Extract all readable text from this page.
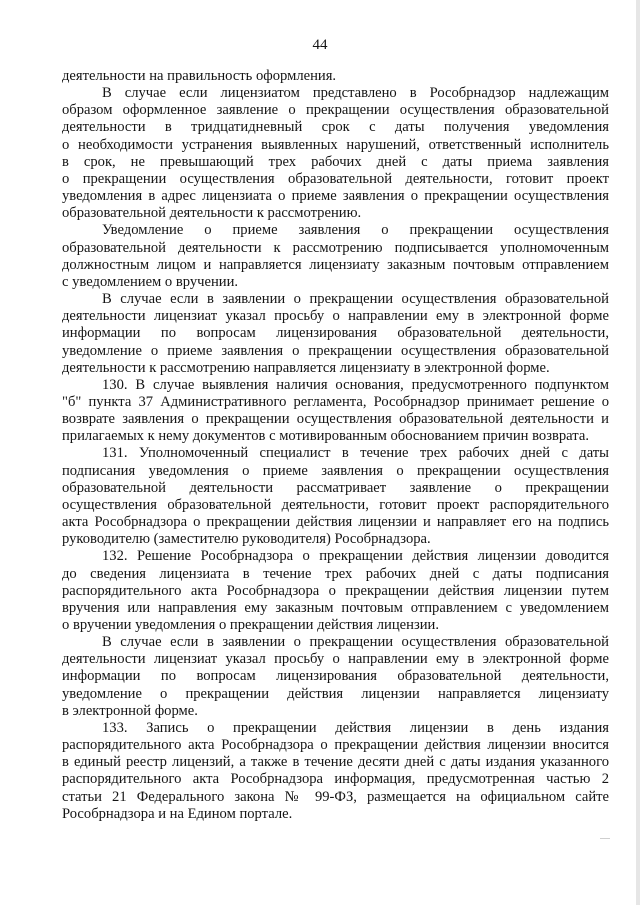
44
деятельности на правильность оформления.
В случае если лицензиатом представлено в Рособрнадзор надлежащим
образом оформленное заявление о прекращении осуществления образовательной
деятельности в тридцатидневный срок с даты получения уведомления
о необходимости устранения выявленных нарушений, ответственный исполнитель
в срок, не превышающий трех рабочих дней с даты приема заявления
о прекращении осуществления образовательной деятельности, готовит проект
уведомления в адрес лицензиата о приеме заявления о прекращении осуществления
образовательной деятельности к рассмотрению.
Уведомление о приеме заявления о прекращении осуществления
образовательной деятельности к рассмотрению подписывается уполномоченным
должностным лицом и направляется лицензиату заказным почтовым отправлением
с уведомлением о вручении.
В случае если в заявлении о прекращении осуществления образовательной
деятельности лицензиат указал просьбу о направлении ему в электронной форме
информации по вопросам лицензирования образовательной деятельности,
уведомление о приеме заявления о прекращении осуществления образовательной
деятельности к рассмотрению направляется лицензиату в электронной форме.
130. В случае выявления наличия основания, предусмотренного подпунктом
"б" пункта 37 Административного регламента, Рособрнадзор принимает решение о
возврате заявления о прекращении осуществления образовательной деятельности и
прилагаемых к нему документов с мотивированным обоснованием причин возврата.
131. Уполномоченный специалист в течение трех рабочих дней с даты
подписания уведомления о приеме заявления о прекращении осуществления
образовательной деятельности рассматривает заявление о прекращении
осуществления образовательной деятельности, готовит проект распорядительного
акта Рособрнадзора о прекращении действия лицензии и направляет его на подпись
руководителю (заместителю руководителя) Рособрнадзора.
132. Решение Рособрнадзора о прекращении действия лицензии доводится
до сведения лицензиата в течение трех рабочих дней с даты подписания
распорядительного акта Рособрнадзора о прекращении действия лицензии путем
вручения или направления ему заказным почтовым отправлением с уведомлением
о вручении уведомления о прекращении действия лицензии.
В случае если в заявлении о прекращении осуществления образовательной
деятельности лицензиат указал просьбу о направлении ему в электронной форме
информации по вопросам лицензирования образовательной деятельности,
уведомление о прекращении действия лицензии направляется лицензиату
в электронной форме.
133. Запись о прекращении действия лицензии в день издания
распорядительного акта Рособрнадзора о прекращении действия лицензии вносится
в единый реестр лицензий, а также в течение десяти дней с даты издания указанного
распорядительного акта Рособрнадзора информация, предусмотренная частью 2
статьи 21 Федерального закона № 99-ФЗ, размещается на официальном сайте
Рособрнадзора и на Едином портале.
